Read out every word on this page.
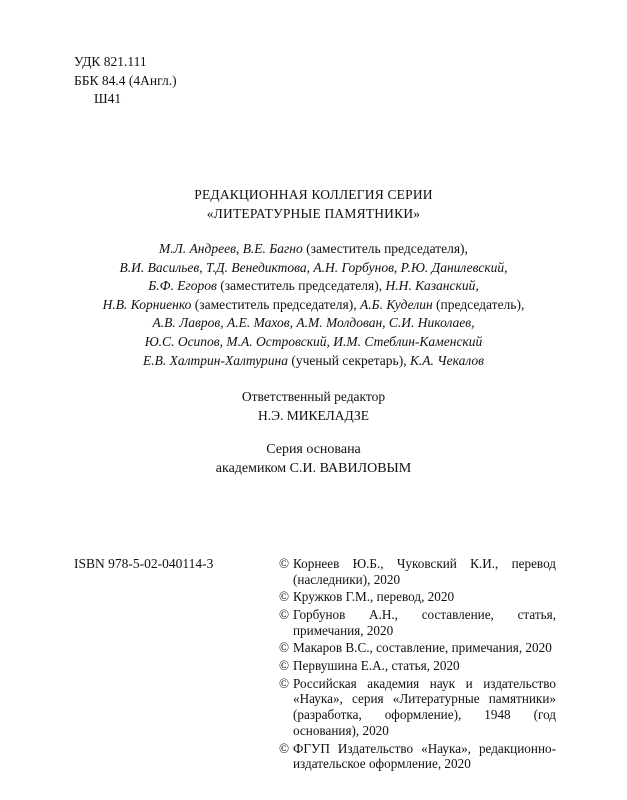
УДК 821.111
ББК 84.4 (4Англ.)
Ш41
РЕДАКЦИОННАЯ КОЛЛЕГИЯ СЕРИИ
«ЛИТЕРАТУРНЫЕ ПАМЯТНИКИ»
М.Л. Андреев, В.Е. Багно (заместитель председателя),
В.И. Васильев, Т.Д. Венедиктова, А.Н. Горбунов, Р.Ю. Данилевский,
Б.Ф. Егоров (заместитель председателя), Н.Н. Казанский,
Н.В. Корниенко (заместитель председателя), А.Б. Куделин (председатель),
А.В. Лавров, А.Е. Махов, А.М. Молдован, С.И. Николаев,
Ю.С. Осипов, М.А. Островский, И.М. Стеблин-Каменский
Е.В. Халтрин-Халтурина (ученый секретарь), К.А. Чекалов
Ответственный редактор
Н.Э. МИКЕЛАДЗЕ
Серия основана
академиком С.И. ВАВИЛОВЫМ
ISBN 978-5-02-040114-3	© Корнеев Ю.Б., Чуковский К.И., перевод (наследники), 2020
© Кружков Г.М., перевод, 2020
© Горбунов А.Н., составление, статья, примечания, 2020
© Макаров В.С., составление, примечания, 2020
© Первушина Е.А., статья, 2020
© Российская академия наук и издательство «Наука», серия «Литературные памятники» (разработка, оформление), 1948 (год основания), 2020
© ФГУП Издательство «Наука», редакционно-издательское оформление, 2020
